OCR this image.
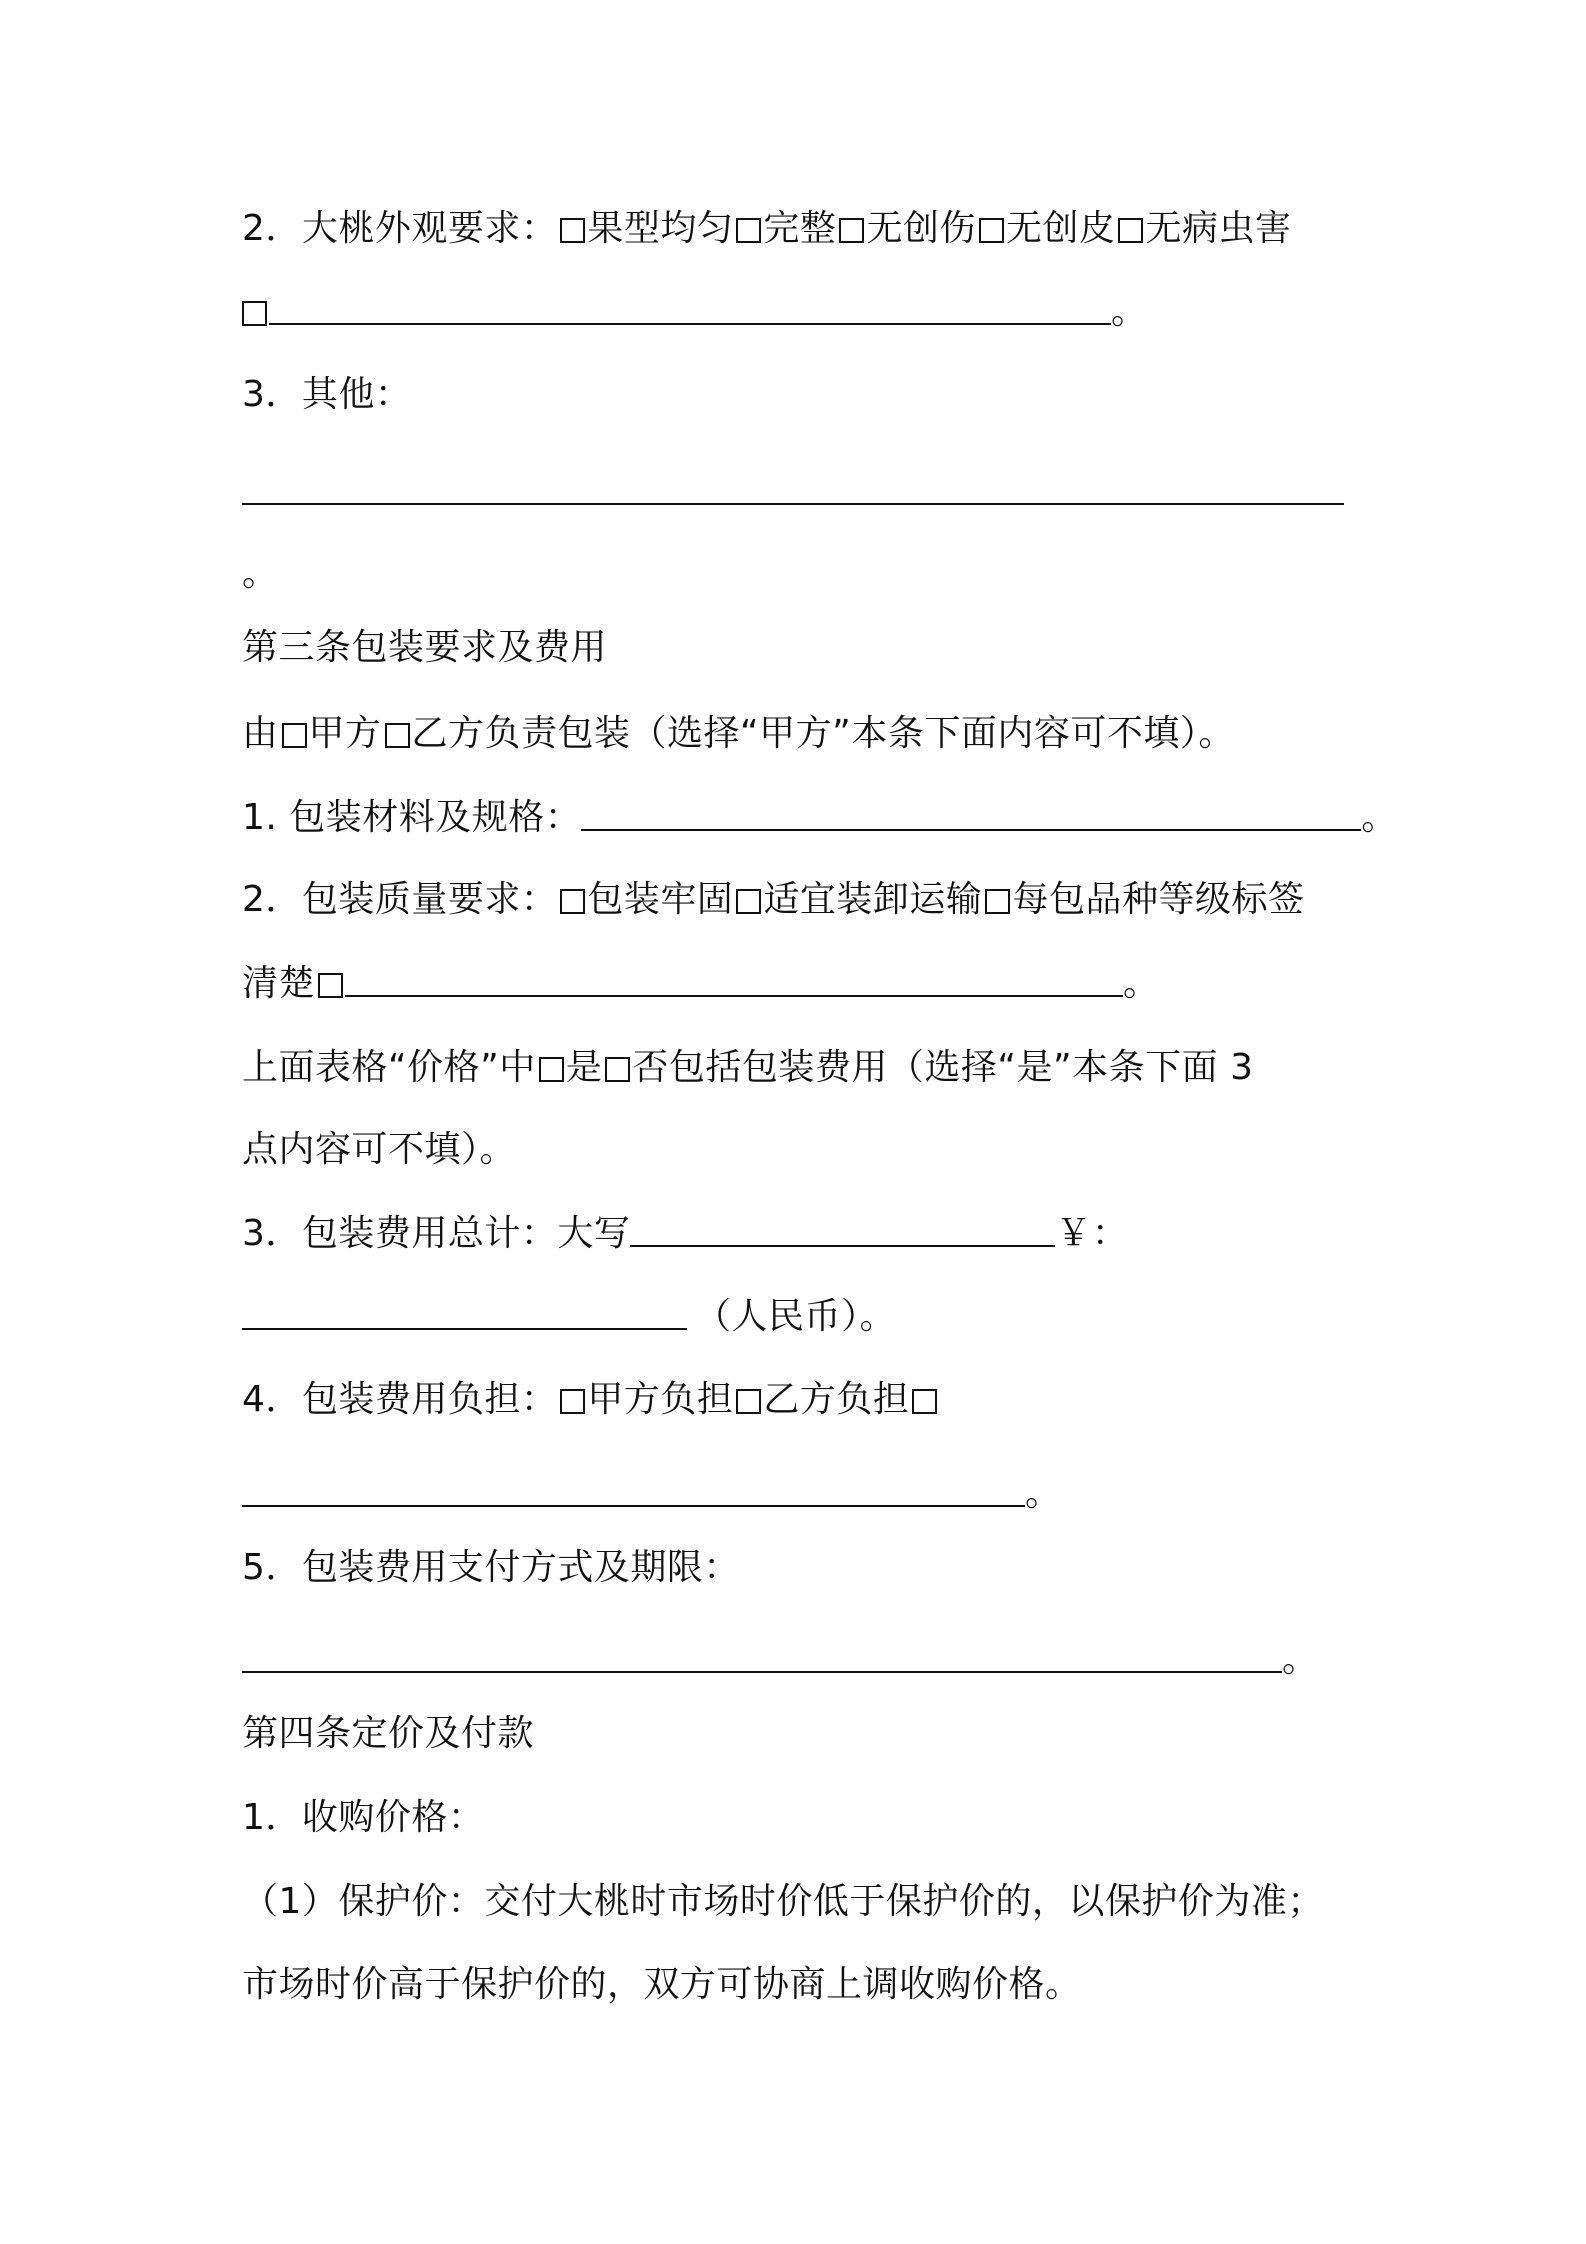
2．大桃外观要求： 果型均匀 完整 无创伤 无创皮 无病虫害
。
3．其他：
。
第三条包装要求及费用
由 甲方 乙方负责包装（选择“甲方”本条下面内容可不填）。
1. 包装材料及规格：	。
2．包装质量要求： 包装牢固 适宜装卸运输 每包品种等级标签
清楚	。
上面表格“价格”中 是 否包括包装费用（选择“是”本条下面 3
点内容可不填）。
3．包装费用总计：大写	￥：
（人民币）。
4．包装费用负担： 甲方负担 乙方负担
。
5．包装费用支付方式及期限：
。
第四条定价及付款
1．收购价格：
（1）保护价：交付大桃时市场时价低于保护价的，以保护价为准；
市场时价高于保护价的，双方可协商上调收购价格。
